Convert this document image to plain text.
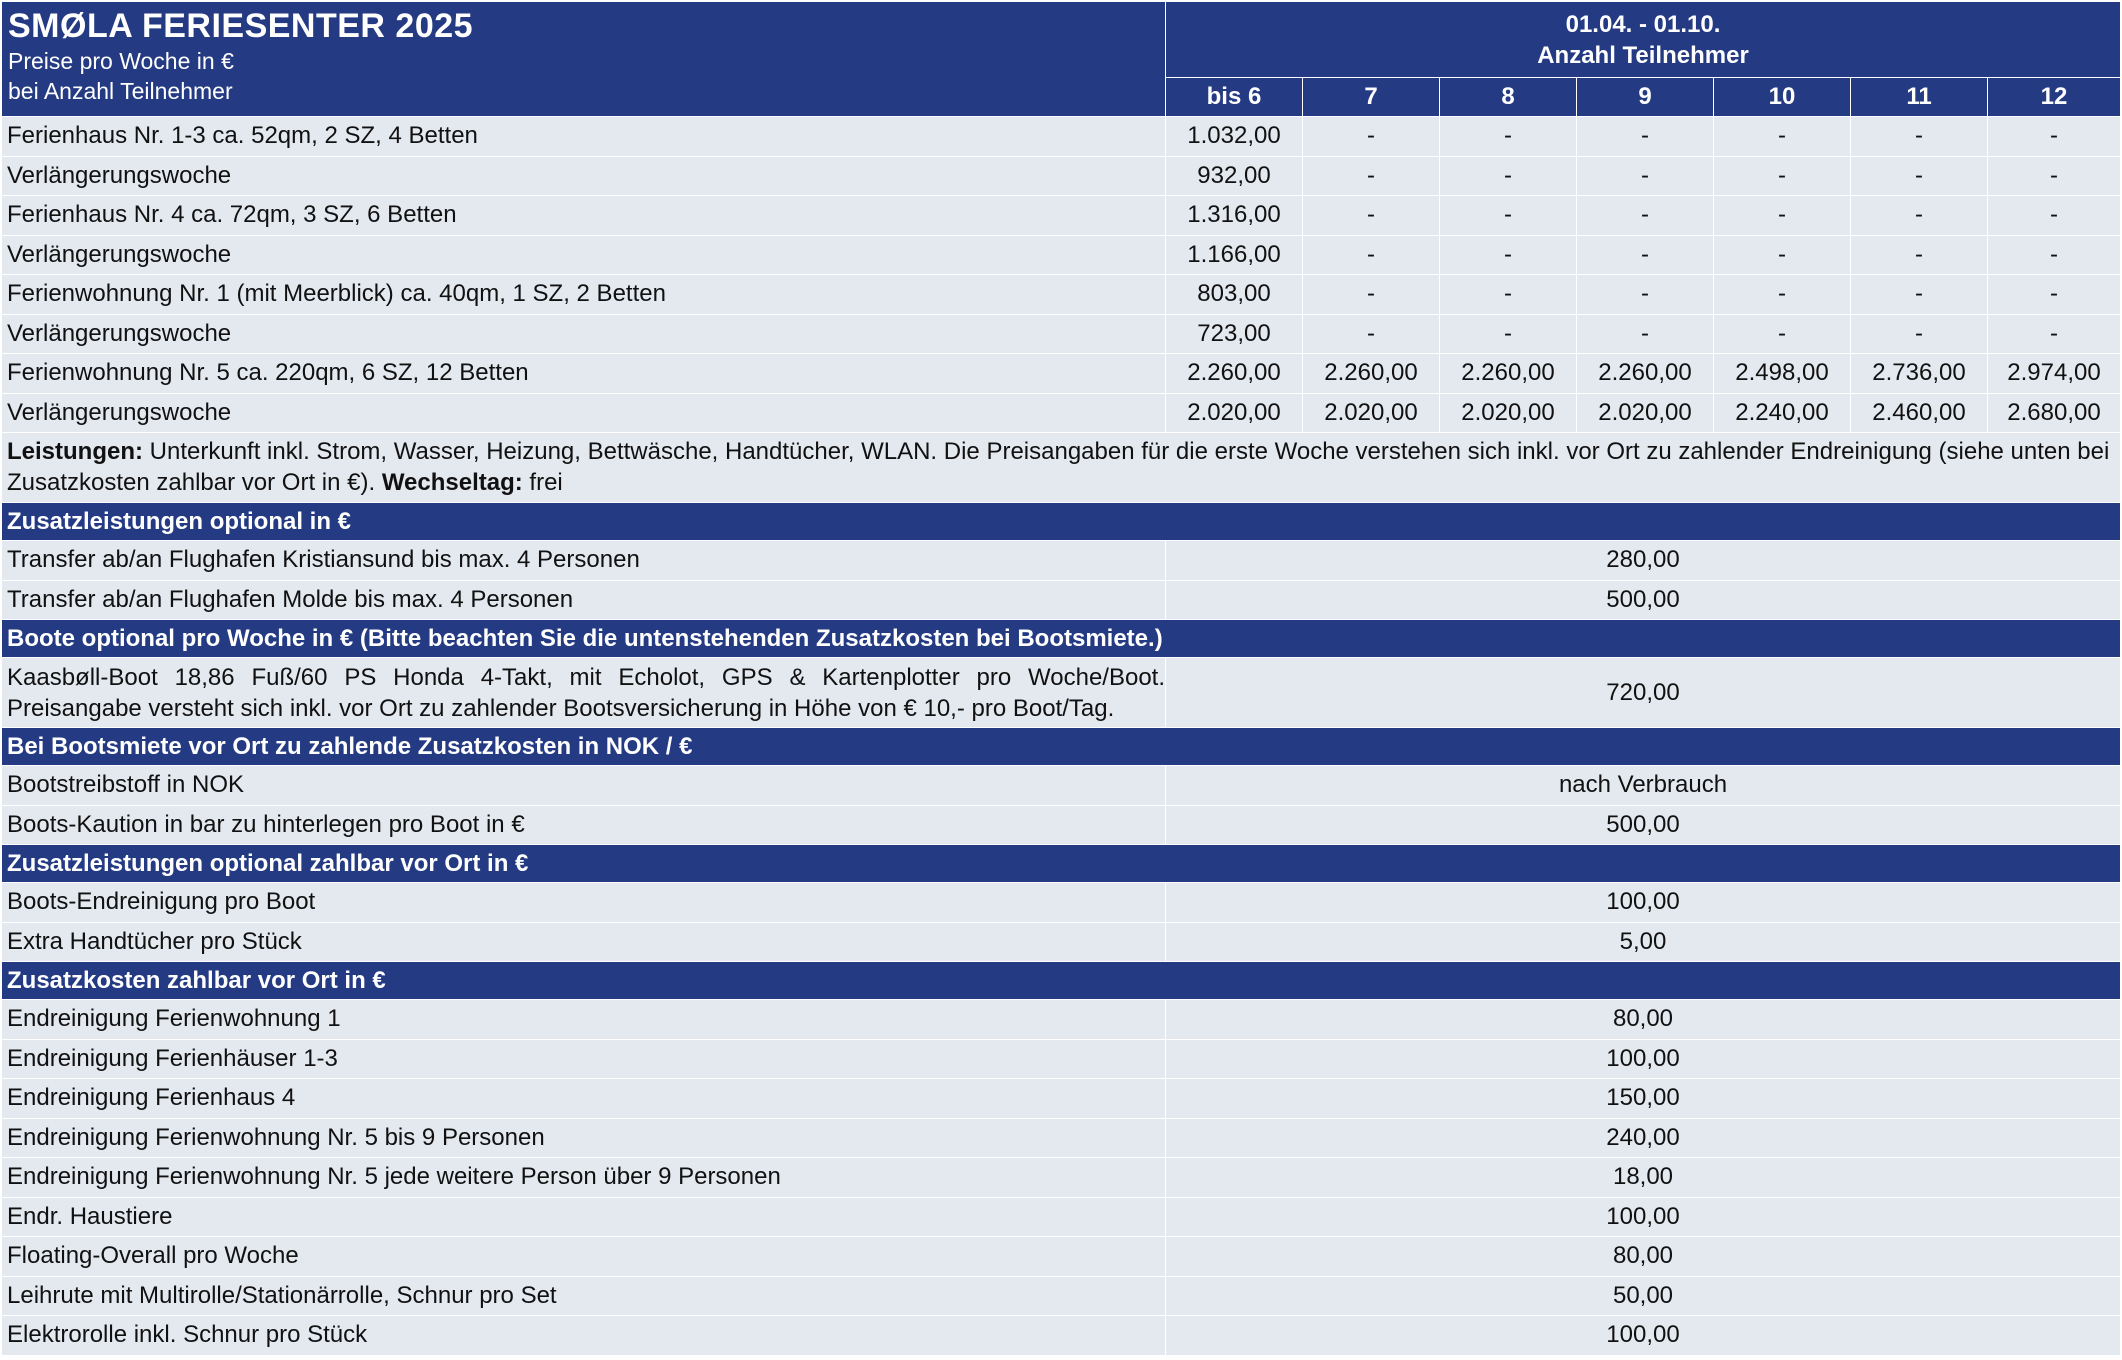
SMØLA FERIESENTER 2025
Preise pro Woche in €
bei Anzahl Teilnehmer
01.04. - 01.10.
Anzahl Teilnehmer
bis 6	7	8	9	10	11	12
Ferienhaus Nr. 1-3 ca. 52qm, 2 SZ, 4 Betten	1.032,00	-	-	-	-	-	-
Verlängerungswoche	932,00	-	-	-	-	-	-
Ferienhaus Nr. 4 ca. 72qm, 3 SZ, 6 Betten	1.316,00	-	-	-	-	-	-
Verlängerungswoche	1.166,00	-	-	-	-	-	-
Ferienwohnung Nr. 1 (mit Meerblick) ca. 40qm, 1 SZ, 2 Betten	803,00	-	-	-	-	-	-
Verlängerungswoche	723,00	-	-	-	-	-	-
Ferienwohnung Nr. 5 ca. 220qm, 6 SZ, 12 Betten	2.260,00	2.260,00	2.260,00	2.260,00	2.498,00	2.736,00	2.974,00
Verlängerungswoche	2.020,00	2.020,00	2.020,00	2.020,00	2.240,00	2.460,00	2.680,00
Leistungen: Unterkunft inkl. Strom, Wasser, Heizung, Bettwäsche, Handtücher, WLAN. Die Preisangaben für die erste Woche verstehen sich inkl. vor Ort zu zahlender Endreinigung (siehe unten bei Zusatzkosten zahlbar vor Ort in €). Wechseltag: frei
Zusatzleistungen optional in €
Transfer ab/an Flughafen Kristiansund bis max. 4 Personen	280,00
Transfer ab/an Flughafen Molde bis max. 4 Personen	500,00
Boote optional pro Woche in € (Bitte beachten Sie die untenstehenden Zusatzkosten bei Bootsmiete.)
Kaasbøll-Boot 18,86 Fuß/60 PS Honda 4-Takt, mit Echolot, GPS & Kartenplotter pro Woche/Boot. Preisangabe versteht sich inkl. vor Ort zu zahlender Bootsversicherung in Höhe von € 10,- pro Boot/Tag.
720,00
Bei Bootsmiete vor Ort zu zahlende Zusatzkosten in NOK / €
Bootstreibstoff in NOK	nach Verbrauch
Boots-Kaution in bar zu hinterlegen pro Boot in €	500,00
Zusatzleistungen optional zahlbar vor Ort in €
Boots-Endreinigung pro Boot	100,00
Extra Handtücher pro Stück	5,00
Zusatzkosten zahlbar vor Ort in €
Endreinigung Ferienwohnung 1	80,00
Endreinigung Ferienhäuser 1-3	100,00
Endreinigung Ferienhaus 4	150,00
Endreinigung Ferienwohnung Nr. 5 bis 9 Personen	240,00
Endreinigung Ferienwohnung Nr. 5 jede weitere Person über 9 Personen	18,00
Endr. Haustiere	100,00
Floating-Overall pro Woche	80,00
Leihrute mit Multirolle/Stationärrolle, Schnur pro Set	50,00
Elektrorolle inkl. Schnur pro Stück	100,00
